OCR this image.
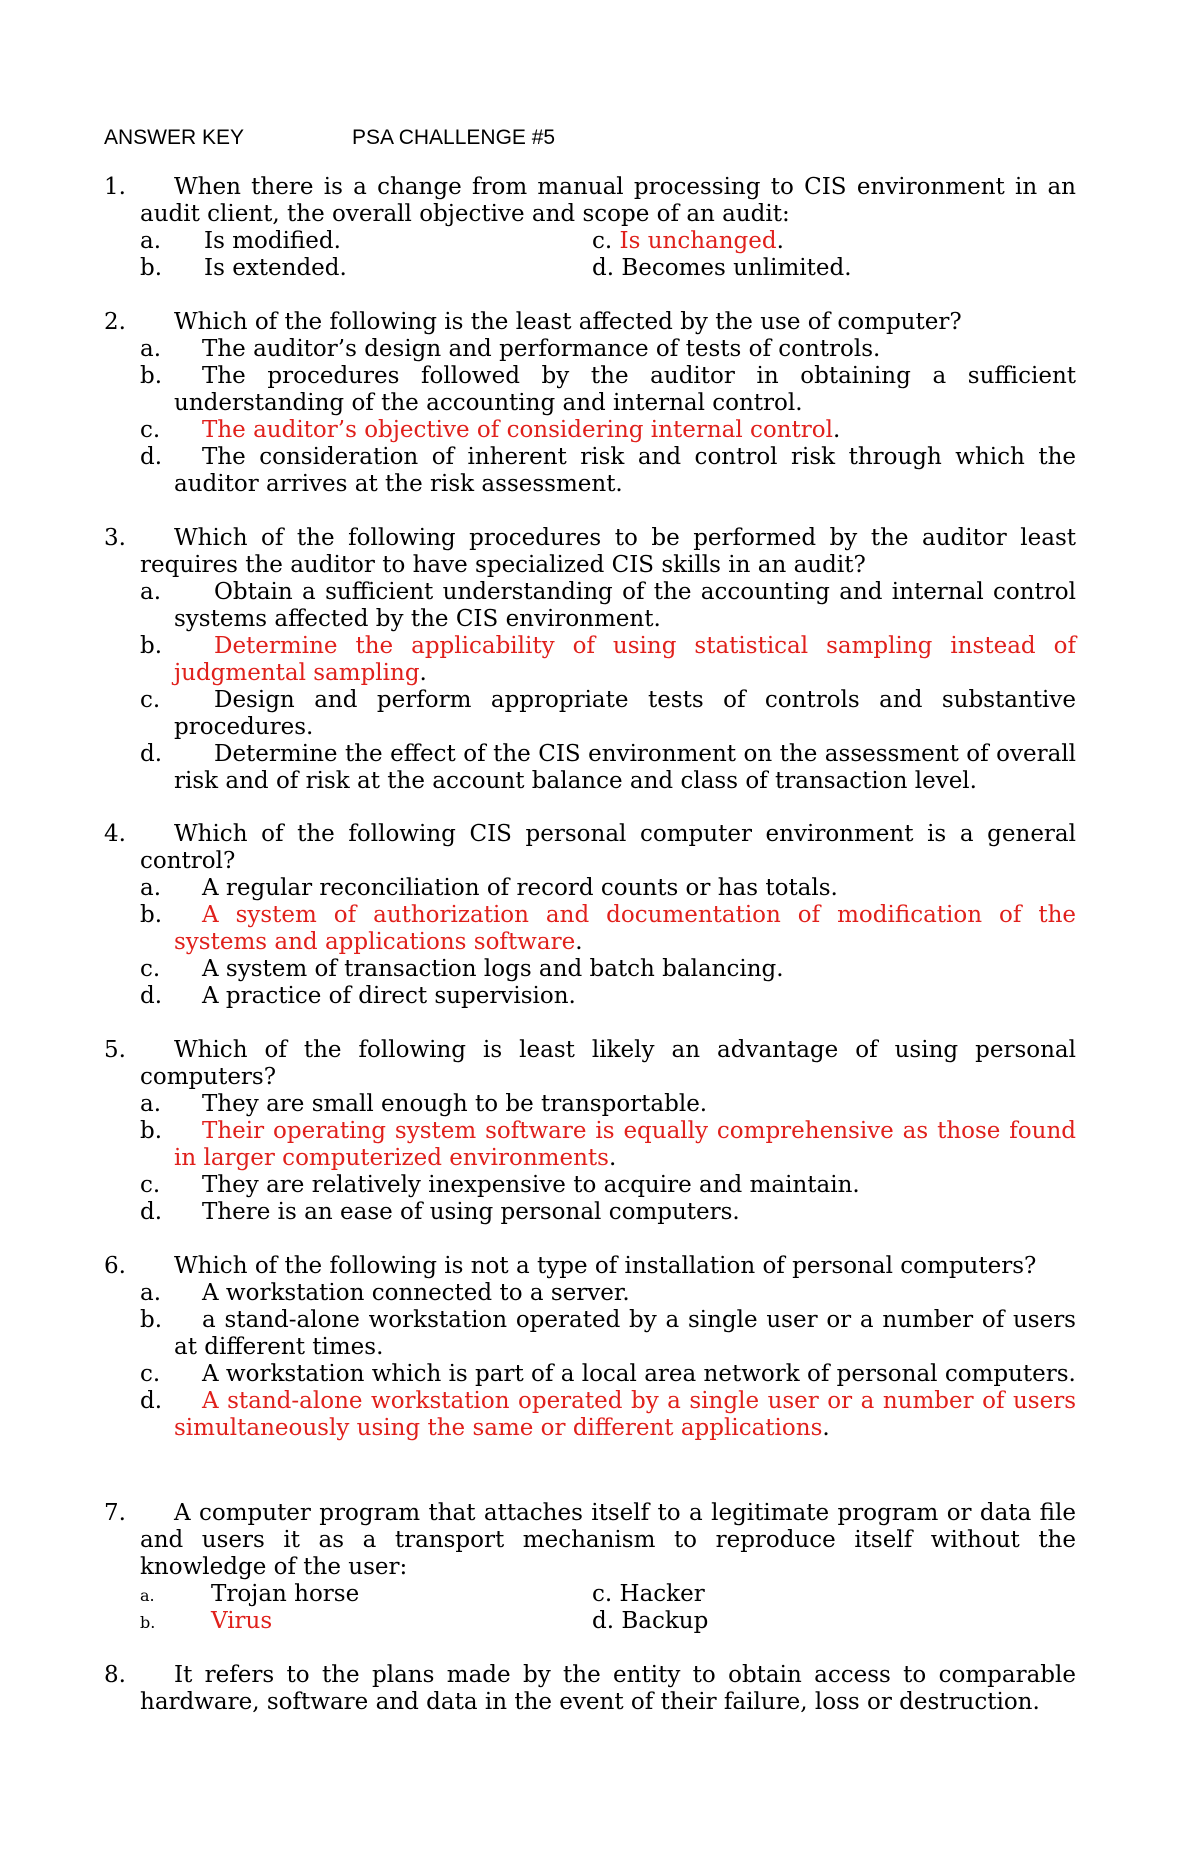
ANSWER KEY	PSA CHALLENGE #5
1.	When there is a change from manual processing to CIS environment in an audit client, the overall objective and scope of an audit:
a. Is modified.	c. Is unchanged.
b. Is extended.	d. Becomes unlimited.
2.	Which of the following is the least affected by the use of computer?
a. The auditor’s design and performance of tests of controls.
b. The procedures followed by the auditor in obtaining a sufficient understanding of the accounting and internal control.
c. The auditor’s objective of considering internal control.
d. The consideration of inherent risk and control risk through which the auditor arrives at the risk assessment.
3.	Which of the following procedures to be performed by the auditor least requires the auditor to have specialized CIS skills in an audit?
a. Obtain a sufficient understanding of the accounting and internal control systems affected by the CIS environment.
b. Determine the applicability of using statistical sampling instead of judgmental sampling.
c. Design and perform appropriate tests of controls and substantive procedures.
d. Determine the effect of the CIS environment on the assessment of overall risk and of risk at the account balance and class of transaction level.
4.	Which of the following CIS personal computer environment is a general control?
a. A regular reconciliation of record counts or has totals.
b. A system of authorization and documentation of modification of the systems and applications software.
c. A system of transaction logs and batch balancing.
d. A practice of direct supervision.
5.	Which of the following is least likely an advantage of using personal computers?
a. They are small enough to be transportable.
b. Their operating system software is equally comprehensive as those found in larger computerized environments.
c. They are relatively inexpensive to acquire and maintain.
d. There is an ease of using personal computers.
6.	Which of the following is not a type of installation of personal computers?
a. A workstation connected to a server.
b. a stand-alone workstation operated by a single user or a number of users at different times.
c. A workstation which is part of a local area network of personal computers.
d. A stand-alone workstation operated by a single user or a number of users simultaneously using the same or different applications.
7.	A computer program that attaches itself to a legitimate program or data file and users it as a transport mechanism to reproduce itself without the knowledge of the user:
a. Trojan horse	c. Hacker
b. Virus	d. Backup
8.	It refers to the plans made by the entity to obtain access to comparable hardware, software and data in the event of their failure, loss or destruction.
